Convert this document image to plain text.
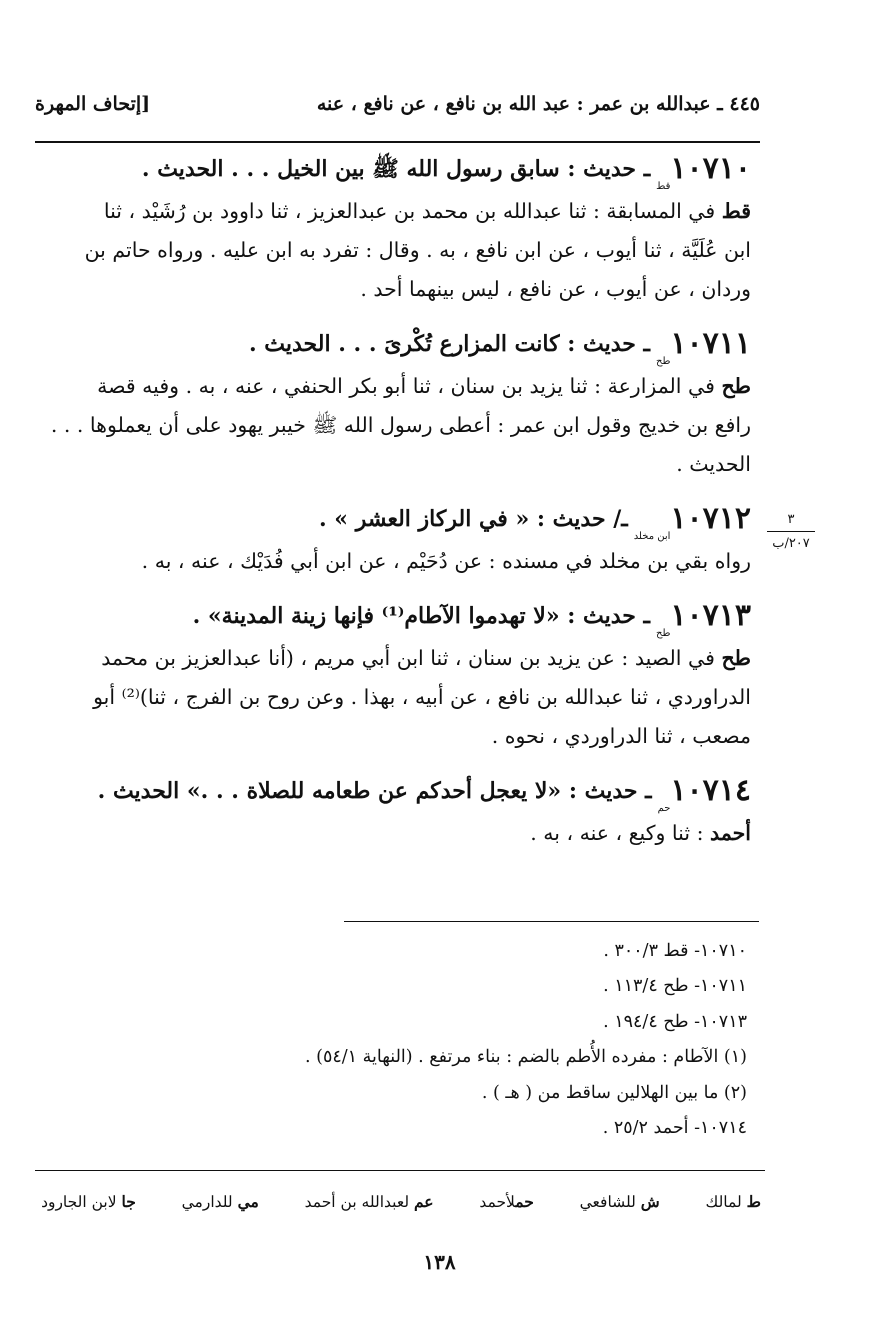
٤٤٥ ـ عبدالله بن عمر : عبد الله بن نافع ، عن نافع ، عنه
[إتحاف المهرة
١٠٧١٠
قط
ـ حديث : سابق رسول الله ﷺ بين الخيل . . . الحديث .
قط في المسابقة : ثنا عبدالله بن محمد بن عبدالعزيز ، ثنا داوود بن رُشَيْد ، ثنا
ابن عُلَيَّة ، ثنا أيوب ، عن ابن نافع ، به . وقال : تفرد به ابن عليه . ورواه حاتم بن
وردان ، عن أيوب ، عن نافع ، ليس بينهما أحد .
١٠٧١١
طح
ـ حديث : كانت المزارع تُكْرىَ . . . الحديث .
طح في المزارعة : ثنا يزيد بن سنان ، ثنا أبو بكر الحنفي ، عنه ، به . وفيه قصة
رافع بن خديج وقول ابن عمر : أعطى رسول الله ﷺ خيبر يهود على أن يعملوها . . .
الحديث .
١٠٧١٢
ابن مخلد
ـ/ حديث : « في الركاز العشر » .
رواه بقي بن مخلد في مسنده : عن دُحَيْم ، عن ابن أبي فُدَيْك ، عنه ، به .
١٠٧١٣
طح
ـ حديث : «لا تهدموا الآطام⁽¹⁾ فإنها زينة المدينة» .
طح في الصيد : عن يزيد بن سنان ، ثنا ابن أبي مريم ، (أنا عبدالعزيز بن محمد
الدراوردي ، ثنا عبدالله بن نافع ، عن أبيه ، بهذا . وعن روح بن الفرج ، ثنا)⁽²⁾ أبو
مصعب ، ثنا الدراوردي ، نحوه .
١٠٧١٤
حم
ـ حديث : «لا يعجل أحدكم عن طعامه للصلاة . . .» الحديث .
أحمد : ثنا وكيع ، عنه ، به .
٣
٢٠٧/ب
١٠٧١٠- قط ٣٠٠/٣ .
١٠٧١١- طح ١١٣/٤ .
١٠٧١٣- طح ١٩٤/٤ .
(١) الآطام : مفرده الأُطم بالضم : بناء مرتفع . (النهاية ٥٤/١) .
(٢) ما بين الهلالين ساقط من ( هـ ) .
١٠٧١٤- أحمد ٢٥/٢ .
ط لمالك
ش للشافعي
حملأحمد
عم لعبدالله بن أحمد
مي للدارمي
جا لابن الجارود
١٣٨
